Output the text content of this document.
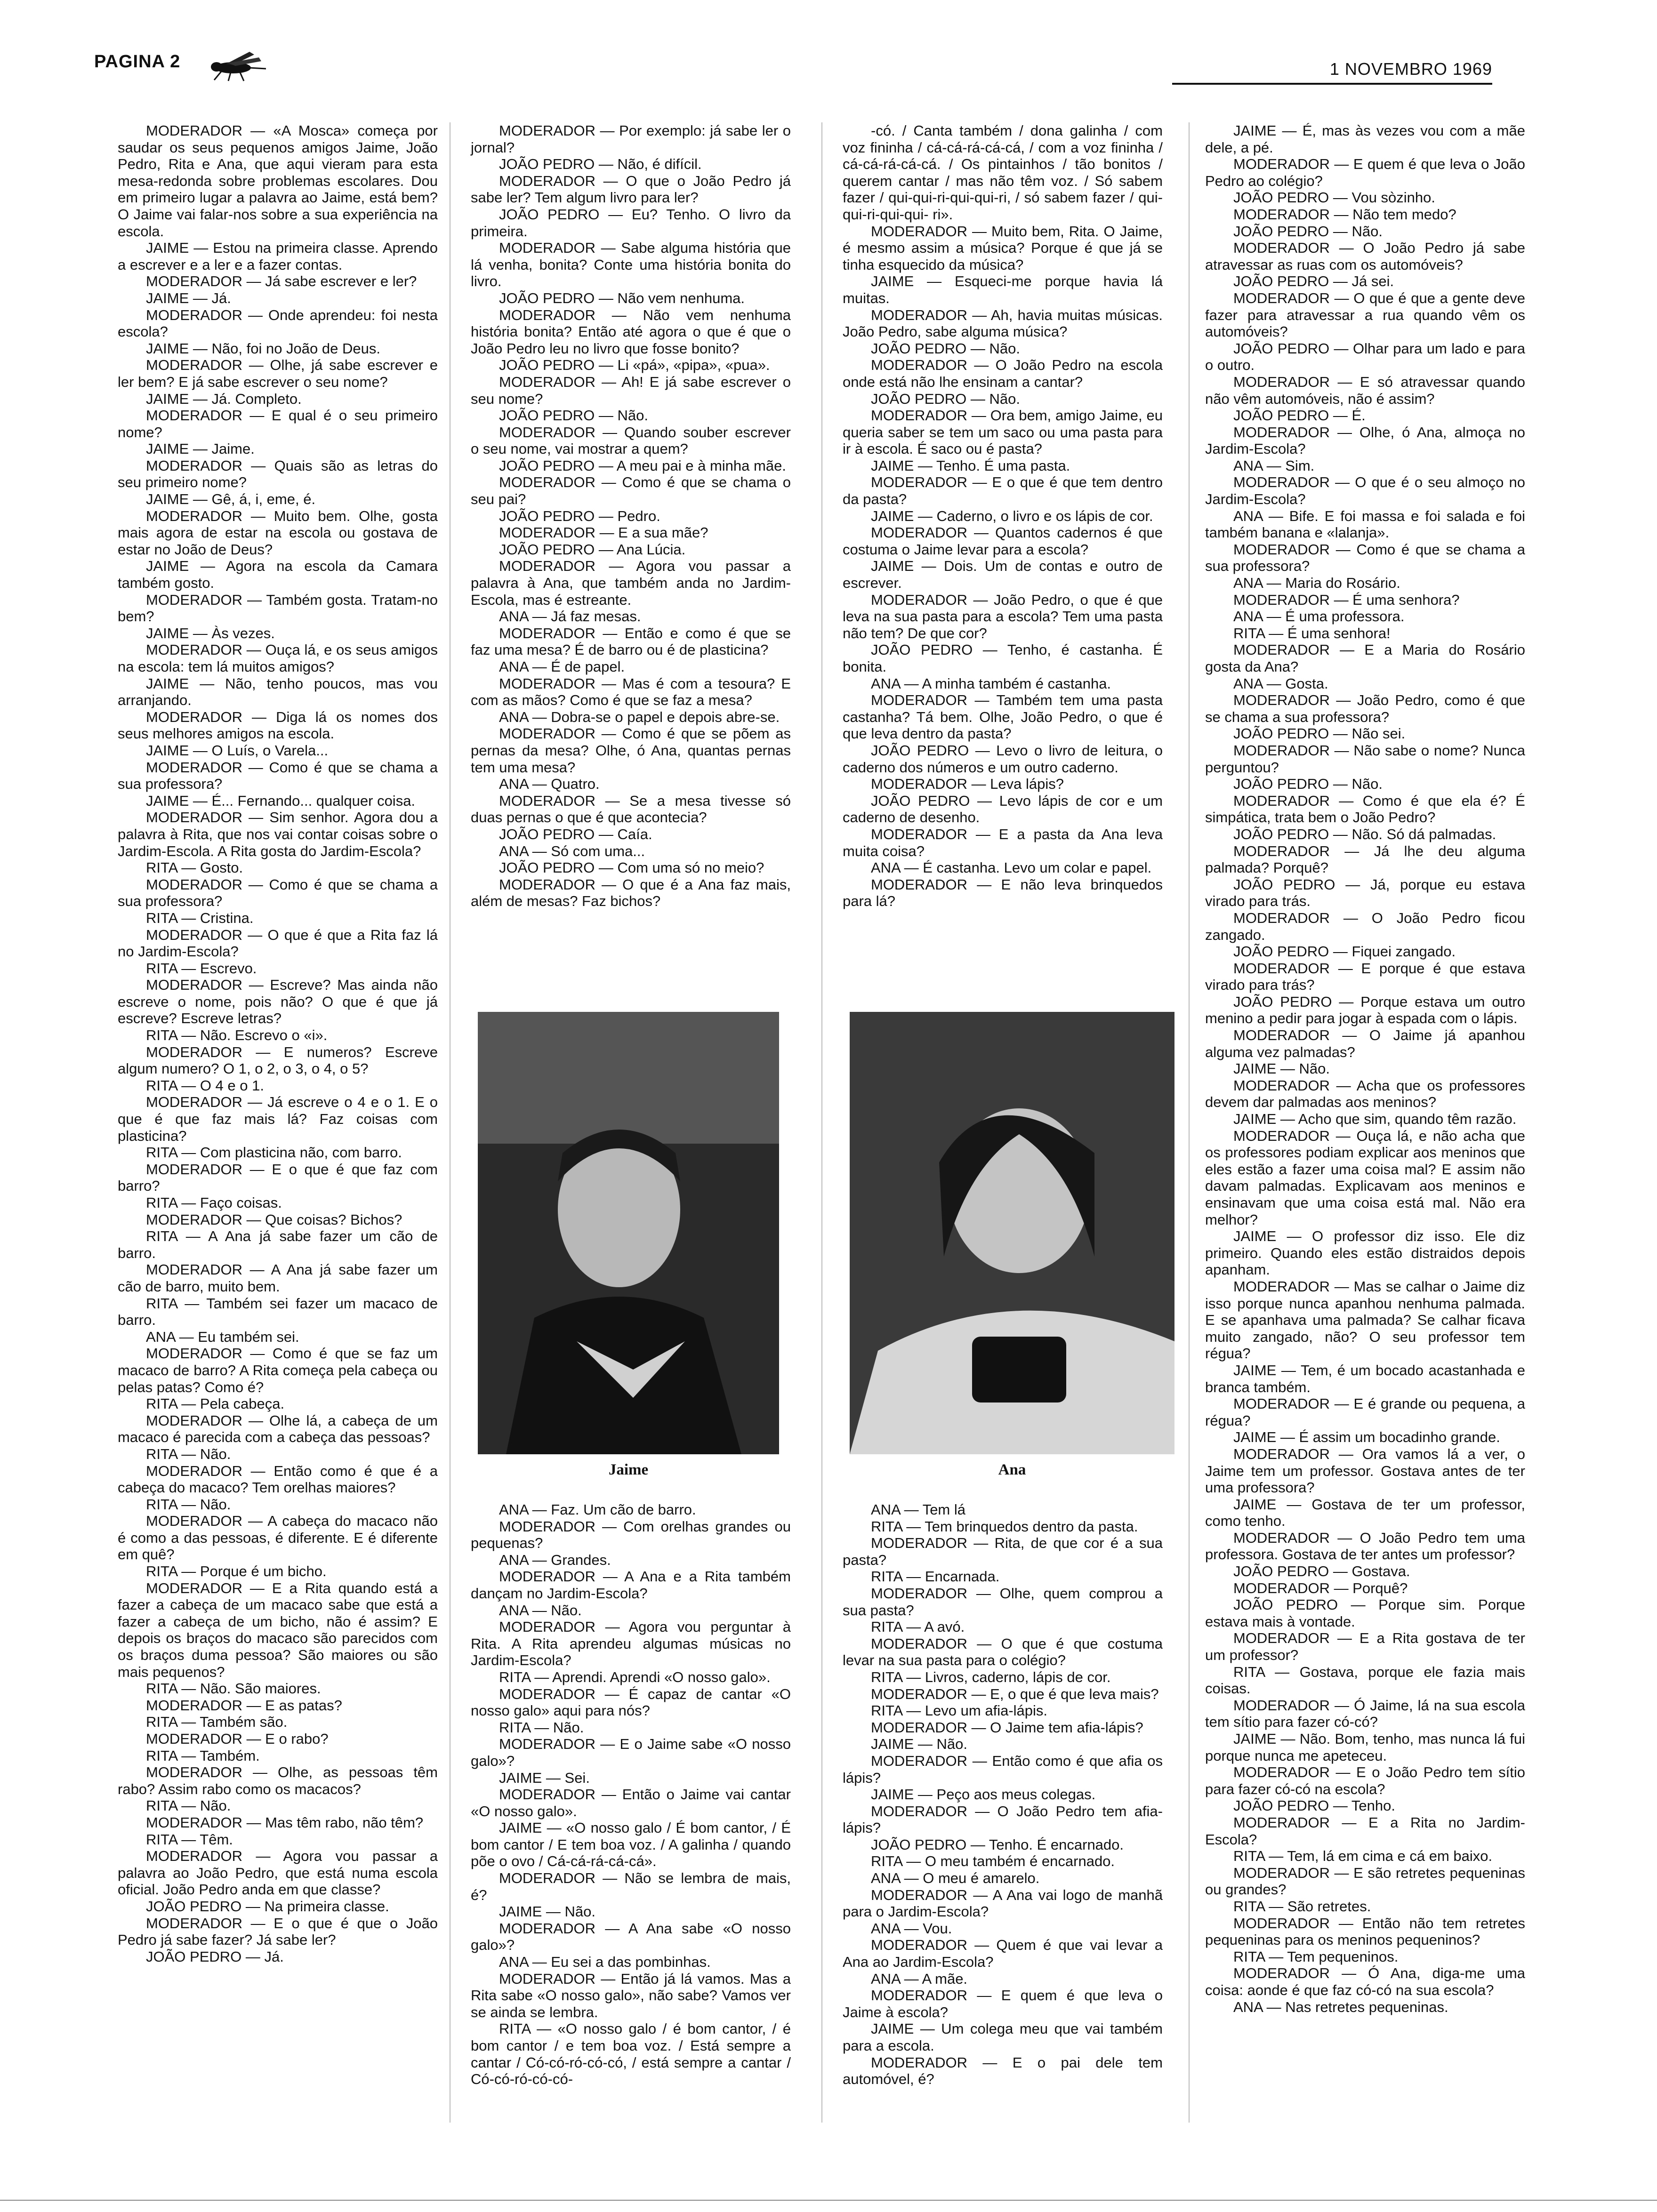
PAGINA 2	1 NOVEMBRO 1969

MODERADOR — «A Mosca» começa por saudar os seus pequenos amigos Jaime, João Pedro, Rita e Ana, que aqui vieram para esta mesa-redonda sobre problemas escolares. Dou em primeiro lugar a palavra ao Jaime, está bem? O Jaime vai falar-nos sobre a sua experiência na escola.

JAIME — Estou na primeira classe. Aprendo a escrever e a ler e a fazer contas.

MODERADOR — Já sabe escrever e ler?

JAIME — Já.

MODERADOR — Onde aprendeu: foi nesta escola?

JAIME — Não, foi no João de Deus.

MODERADOR — Olhe, já sabe escrever e ler bem? E já sabe escrever o seu nome?

JAIME — Já. Completo.

MODERADOR — E qual é o seu primeiro nome?

JAIME — Jaime.

MODERADOR — Quais são as letras do seu primeiro nome?

JAIME — Gê, á, i, eme, é.

MODERADOR — Muito bem. Olhe, gosta mais agora de estar na escola ou gostava de estar no João de Deus?

JAIME — Agora na escola da Camara também gosto.

MODERADOR — Também gosta. Tratam-no bem?

JAIME — Às vezes.

MODERADOR — Ouça lá, e os seus amigos na escola: tem lá muitos amigos?

JAIME — Não, tenho poucos, mas vou arranjando.

MODERADOR — Diga lá os nomes dos seus melhores amigos na escola.

JAIME — O Luís, o Varela...

MODERADOR — Como é que se chama a sua professora?

JAIME — É... Fernando... qualquer coisa.

MODERADOR — Sim senhor. Agora dou a palavra à Rita, que nos vai contar coisas sobre o Jardim-Escola. A Rita gosta do Jardim-Escola?

RITA — Gosto.

MODERADOR — Como é que se chama a sua professora?

RITA — Cristina.

MODERADOR — O que é que a Rita faz lá no Jardim-Escola?

RITA — Escrevo.

MODERADOR — Escreve? Mas ainda não escreve o nome, pois não? O que é que já escreve? Escreve letras?

RITA — Não. Escrevo o «i».

MODERADOR — E numeros? Escreve algum numero? O 1, o 2, o 3, o 4, o 5?

RITA — O 4 e o 1.

MODERADOR — Já escreve o 4 e o 1. E o que é que faz mais lá? Faz coisas com plasticina?

RITA — Com plasticina não, com barro.

MODERADOR — E o que é que faz com barro?

RITA — Faço coisas.

MODERADOR — Que coisas? Bichos?

RITA — A Ana já sabe fazer um cão de barro.

MODERADOR — A Ana já sabe fazer um cão de barro, muito bem.

RITA — Também sei fazer um macaco de barro.

ANA — Eu também sei.

MODERADOR — Como é que se faz um macaco de barro? A Rita começa pela cabeça ou pelas patas? Como é?

RITA — Pela cabeça.

MODERADOR — Olhe lá, a cabeça de um macaco é parecida com a cabeça das pessoas?

RITA — Não.

MODERADOR — Então como é que é a cabeça do macaco? Tem orelhas maiores?

RITA — Não.

MODERADOR — A cabeça do macaco não é como a das pessoas, é diferente. E é diferente em quê?

RITA — Porque é um bicho.

MODERADOR — E a Rita quando está a fazer a cabeça de um macaco sabe que está a fazer a cabeça de um bicho, não é assim? E depois os braços do macaco são parecidos com os braços duma pessoa? São maiores ou são mais pequenos?

RITA — Não. São maiores.

MODERADOR — E as patas?

RITA — Também são.

MODERADOR — E o rabo?

RITA — Também.

MODERADOR — Olhe, as pessoas têm rabo? Assim rabo como os macacos?

RITA — Não.

MODERADOR — Mas têm rabo, não têm?

RITA — Têm.

MODERADOR — Agora vou passar a palavra ao João Pedro, que está numa escola oficial. João Pedro anda em que classe?

JOÃO PEDRO — Na primeira classe.

MODERADOR — E o que é que o João Pedro já sabe fazer? Já sabe ler?

JOÃO PEDRO — Já.

MODERADOR — Por exemplo: já sabe ler o jornal?

JOÃO PEDRO — Não, é difícil.

MODERADOR — O que o João Pedro já sabe ler? Tem algum livro para ler?

JOÃO PEDRO — Eu? Tenho. O livro da primeira.

MODERADOR — Sabe alguma história que lá venha, bonita? Conte uma história bonita do livro.

JOÃO PEDRO — Não vem nenhuma.

MODERADOR — Não vem nenhuma história bonita? Então até agora o que é que o João Pedro leu no livro que fosse bonito?

JOÃO PEDRO — Li «pá», «pipa», «pua».

MODERADOR — Ah! E já sabe escrever o seu nome?

JOÃO PEDRO — Não.

MODERADOR — Quando souber escrever o seu nome, vai mostrar a quem?

JOÃO PEDRO — A meu pai e à minha mãe.

MODERADOR — Como é que se chama o seu pai?

JOÃO PEDRO — Pedro.

MODERADOR — E a sua mãe?

JOÃO PEDRO — Ana Lúcia.

MODERADOR — Agora vou passar a palavra à Ana, que também anda no Jardim-Escola, mas é estreante.

ANA — Já faz mesas.

MODERADOR — Então e como é que se faz uma mesa? É de barro ou é de plasticina?

ANA — É de papel.

MODERADOR — Mas é com a tesoura? E com as mãos? Como é que se faz a mesa?

ANA — Dobra-se o papel e depois abre-se.

MODERADOR — Como é que se põem as pernas da mesa? Olhe, ó Ana, quantas pernas tem uma mesa?

ANA — Quatro.

MODERADOR — Se a mesa tivesse só duas pernas o que é que acontecia?

JOÃO PEDRO — Caía.

ANA — Só com uma...

JOÃO PEDRO — Com uma só no meio?

MODERADOR — O que é a Ana faz mais, além de mesas? Faz bichos?

-có. / Canta também / dona galinha / com voz fininha / cá-cá-rá-cá-cá, / com a voz fininha / cá-cá-rá-cá-cá. / Os pintainhos / tão bonitos / querem cantar / mas não têm voz. / Só sabem fazer / qui-qui-ri-qui-qui-ri, / só sabem fazer / qui-qui-ri-qui-qui- ri».

MODERADOR — Muito bem, Rita. O Jaime, é mesmo assim a música? Porque é que já se tinha esquecido da música?

JAIME — Esqueci-me porque havia lá muitas.

MODERADOR — Ah, havia muitas músicas. João Pedro, sabe alguma música?

JOÃO PEDRO — Não.

MODERADOR — O João Pedro na escola onde está não lhe ensinam a cantar?

JOÃO PEDRO — Não.

MODERADOR — Ora bem, amigo Jaime, eu queria saber se tem um saco ou uma pasta para ir à escola. É saco ou é pasta?

JAIME — Tenho. É uma pasta.

MODERADOR — E o que é que tem dentro da pasta?

JAIME — Caderno, o livro e os lápis de cor.

MODERADOR — Quantos cadernos é que costuma o Jaime levar para a escola?

JAIME — Dois. Um de contas e outro de escrever.

MODERADOR — João Pedro, o que é que leva na sua pasta para a escola? Tem uma pasta não tem? De que cor?

JOÃO PEDRO — Tenho, é castanha. É bonita.

ANA — A minha também é castanha.

MODERADOR — Também tem uma pasta castanha? Tá bem. Olhe, João Pedro, o que é que leva dentro da pasta?

JOÃO PEDRO — Levo o livro de leitura, o caderno dos números e um outro caderno.

MODERADOR — Leva lápis?

JOÃO PEDRO — Levo lápis de cor e um caderno de desenho.

MODERADOR — E a pasta da Ana leva muita coisa?

ANA — É castanha. Levo um colar e papel.

MODERADOR — E não leva brinquedos para lá?

JAIME — É, mas às vezes vou com a mãe dele, a pé.

MODERADOR — E quem é que leva o João Pedro ao colégio?

JOÃO PEDRO — Vou sòzinho.

MODERADOR — Não tem medo?

JOÃO PEDRO — Não.

MODERADOR — O João Pedro já sabe atravessar as ruas com os automóveis?

JOÃO PEDRO — Já sei.

MODERADOR — O que é que a gente deve fazer para atravessar a rua quando vêm os automóveis?

JOÃO PEDRO — Olhar para um lado e para o outro.

MODERADOR — E só atravessar quando não vêm automóveis, não é assim?

JOÃO PEDRO — É.

MODERADOR — Olhe, ó Ana, almoça no Jardim-Escola?

ANA — Sim.

MODERADOR — O que é o seu almoço no Jardim-Escola?

ANA — Bife. E foi massa e foi salada e foi também banana e «lalanja».

MODERADOR — Como é que se chama a sua professora?

ANA — Maria do Rosário.

MODERADOR — É uma senhora?

ANA — É uma professora.

RITA — É uma senhora!

MODERADOR — E a Maria do Rosário gosta da Ana?

ANA — Gosta.

MODERADOR — João Pedro, como é que se chama a sua professora?

JOÃO PEDRO — Não sei.

MODERADOR — Não sabe o nome? Nunca perguntou?

JOÃO PEDRO — Não.

MODERADOR — Como é que ela é? É simpática, trata bem o João Pedro?

JOÃO PEDRO — Não. Só dá palmadas.

MODERADOR — Já lhe deu alguma palmada? Porquê?

JOÃO PEDRO — Já, porque eu estava virado para trás.

MODERADOR — O João Pedro ficou zangado.

JOÃO PEDRO — Fiquei zangado.

MODERADOR — E porque é que estava virado para trás?

JOÃO PEDRO — Porque estava um outro menino a pedir para jogar à espada com o lápis.

MODERADOR — O Jaime já apanhou alguma vez palmadas?

JAIME — Não.

MODERADOR — Acha que os professores devem dar palmadas aos meninos?

JAIME — Acho que sim, quando têm razão.

MODERADOR — Ouça lá, e não acha que os professores podiam explicar aos meninos que eles estão a fazer uma coisa mal? E assim não davam palmadas. Explicavam aos meninos e ensinavam que uma coisa está mal. Não era melhor?

JAIME — O professor diz isso. Ele diz primeiro. Quando eles estão distraidos depois apanham.

MODERADOR — Mas se calhar o Jaime diz isso porque nunca apanhou nenhuma palmada. E se apanhava uma palmada? Se calhar ficava muito zangado, não? O seu professor tem régua?

JAIME — Tem, é um bocado acastanhada e branca também.

MODERADOR — E é grande ou pequena, a régua?

JAIME — É assim um bocadinho grande.

MODERADOR — Ora vamos lá a ver, o Jaime tem um professor. Gostava antes de ter uma professora?

JAIME — Gostava de ter um professor, como tenho.

MODERADOR — O João Pedro tem uma professora. Gostava de ter antes um professor?

JOÃO PEDRO — Gostava.

MODERADOR — Porquê?

JOÃO PEDRO — Porque sim. Porque estava mais à vontade.

MODERADOR — E a Rita gostava de ter um professor?

RITA — Gostava, porque ele fazia mais coisas.

MODERADOR — Ó Jaime, lá na sua escola tem sítio para fazer có-có?

JAIME — Não. Bom, tenho, mas nunca lá fui porque nunca me apeteceu.

MODERADOR — E o João Pedro tem sítio para fazer có-có na escola?

JOÃO PEDRO — Tenho.

MODERADOR — E a Rita no Jardim-Escola?

RITA — Tem, lá em cima e cá em baixo.

MODERADOR — E são retretes pequeninas ou grandes?

RITA — São retretes.

MODERADOR — Então não tem retretes pequeninas para os meninos pequeninos?

RITA — Tem pequeninos.

MODERADOR — Ó Ana, diga-me uma coisa: aonde é que faz có-có na sua escola?

ANA — Nas retretes pequeninas.

Jaime	Ana

ANA — Faz. Um cão de barro.

MODERADOR — Com orelhas grandes ou pequenas?

ANA — Grandes.

MODERADOR — A Ana e a Rita também dançam no Jardim-Escola?

ANA — Não.

MODERADOR — Agora vou perguntar à Rita. A Rita aprendeu algumas músicas no Jardim-Escola?

RITA — Aprendi. Aprendi «O nosso galo».

MODERADOR — É capaz de cantar «O nosso galo» aqui para nós?

RITA — Não.

MODERADOR — E o Jaime sabe «O nosso galo»?

JAIME — Sei.

MODERADOR — Então o Jaime vai cantar «O nosso galo».

JAIME — «O nosso galo / É bom cantor, / É bom cantor / E tem boa voz. / A galinha / quando põe o ovo / Cá-cá-rá-cá-cá».

MODERADOR — Não se lembra de mais, é?

JAIME — Não.

MODERADOR — A Ana sabe «O nosso galo»?

ANA — Eu sei a das pombinhas.

MODERADOR — Então já lá vamos. Mas a Rita sabe «O nosso galo», não sabe? Vamos ver se ainda se lembra.

RITA — «O nosso galo / é bom cantor, / é bom cantor / e tem boa voz. / Está sempre a cantar / Có-có-ró-có-có, / está sempre a cantar / Có-có-ró-có-có-

ANA — Tem lá

RITA — Tem brinquedos dentro da pasta.

MODERADOR — Rita, de que cor é a sua pasta?

RITA — Encarnada.

MODERADOR — Olhe, quem comprou a sua pasta?

RITA — A avó.

MODERADOR — O que é que costuma levar na sua pasta para o colégio?

RITA — Livros, caderno, lápis de cor.

MODERADOR — E, o que é que leva mais?

RITA — Levo um afia-lápis.

MODERADOR — O Jaime tem afia-lápis?

JAIME — Não.

MODERADOR — Então como é que afia os lápis?

JAIME — Peço aos meus colegas.

MODERADOR — O João Pedro tem afia-lápis?

JOÃO PEDRO — Tenho. É encarnado.

RITA — O meu também é encarnado.

ANA — O meu é amarelo.

MODERADOR — A Ana vai logo de manhã para o Jardim-Escola?

ANA — Vou.

MODERADOR — Quem é que vai levar a Ana ao Jardim-Escola?

ANA — A mãe.

MODERADOR — E quem é que leva o Jaime à escola?

JAIME — Um colega meu que vai também para a escola.

MODERADOR — E o pai dele tem automóvel, é?
